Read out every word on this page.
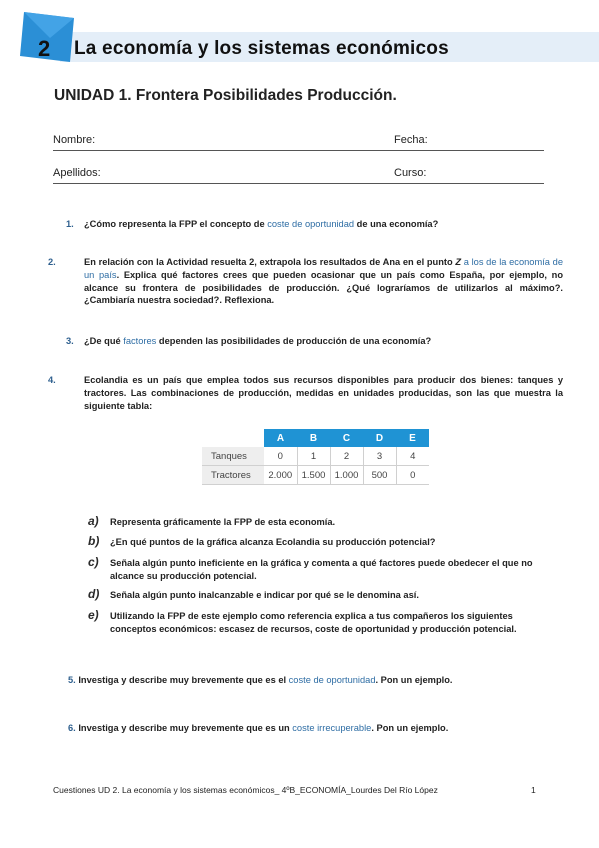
2 La economía y los sistemas económicos
UNIDAD 1. Frontera Posibilidades Producción.
Nombre:	Fecha:
Apellidos:	Curso:
1. ¿Cómo representa la FPP el concepto de coste de oportunidad de una economía?
2.	En relación con la Actividad resuelta 2, extrapola los resultados de Ana en el punto Z a los de la economía de un país. Explica qué factores crees que pueden ocasionar que un país como España, por ejemplo, no alcance su frontera de posibilidades de producción. ¿Qué lograríamos de utilizarlos al máximo?. ¿Cambiaría nuestra sociedad?. Reflexiona.
3. ¿De qué factores dependen las posibilidades de producción de una economía?
4.	Ecolandia es un país que emplea todos sus recursos disponibles para producir dos bienes: tanques y tractores. Las combinaciones de producción, medidas en unidades producidas, son las que muestra la siguiente tabla:
	A	B	C	D	E
Tanques	0	1	2	3	4
Tractores	2.000	1.500	1.000	500	0
a) Representa gráficamente la FPP de esta economía.
b) ¿En qué puntos de la gráfica alcanza Ecolandia su producción potencial?
c) Señala algún punto ineficiente en la gráfica y comenta a qué factores puede obedecer el que no alcance su producción potencial.
d) Señala algún punto inalcanzable e indicar por qué se le denomina así.
e) Utilizando la FPP de este ejemplo como referencia explica a tus compañeros los siguientes conceptos económicos: escasez de recursos, coste de oportunidad y producción potencial.
5. Investiga y describe muy brevemente que es el coste de oportunidad. Pon un ejemplo.
6. Investiga y describe muy brevemente que es un coste irrecuperable. Pon un ejemplo.
Cuestiones UD 2. La economía y los sistemas económicos_ 4ºB_ECONOMÍA_Lourdes Del Río López	1
